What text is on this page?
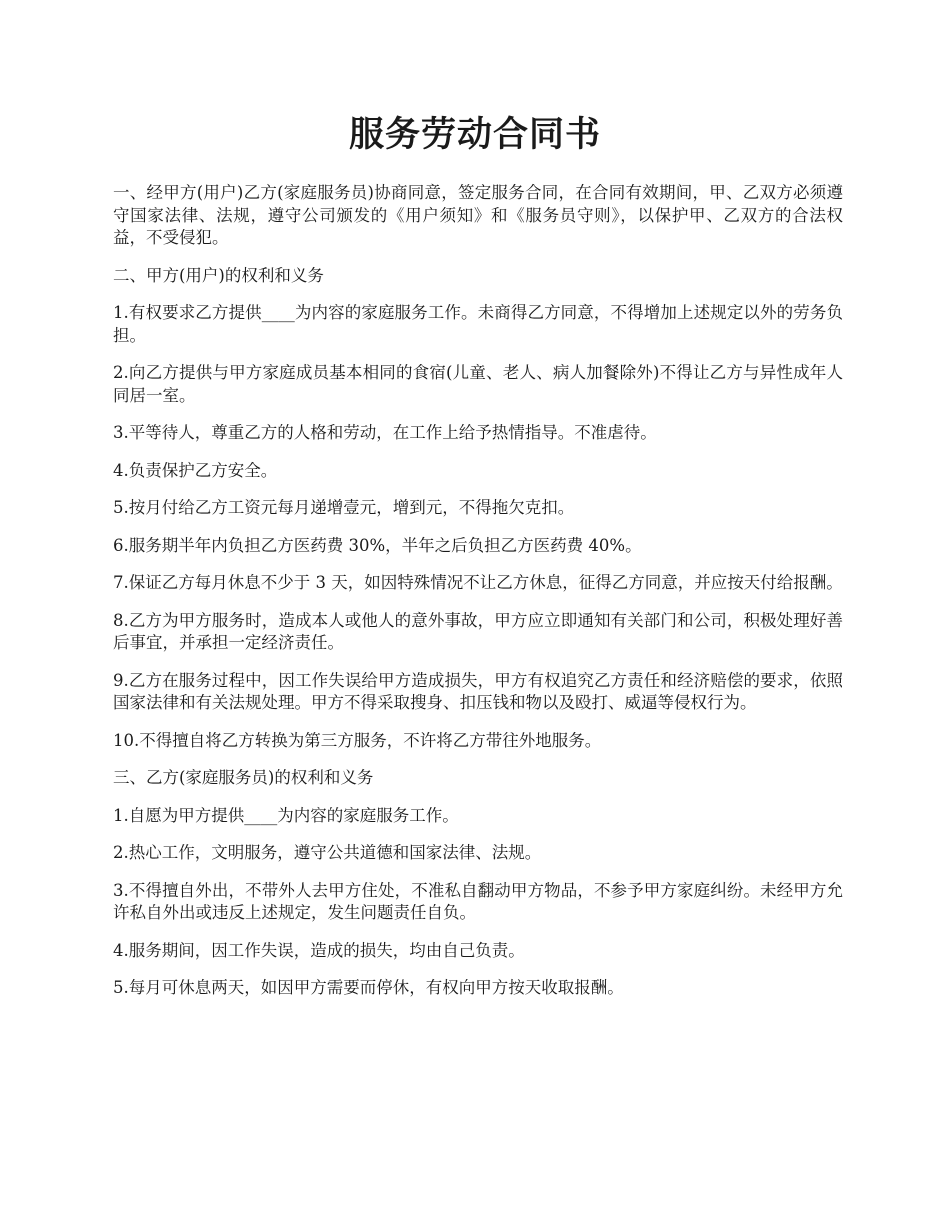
服务劳动合同书

一、经甲方(用户)乙方(家庭服务员)协商同意，签定服务合同，在合同有效期间，甲、乙双方必须遵守国家法律、法规，遵守公司颁发的《用户须知》和《服务员守则》，以保护甲、乙双方的合法权益，不受侵犯。

二、甲方(用户)的权利和义务

1.有权要求乙方提供____为内容的家庭服务工作。未商得乙方同意，不得增加上述规定以外的劳务负担。

2.向乙方提供与甲方家庭成员基本相同的食宿(儿童、老人、病人加餐除外)不得让乙方与异性成年人同居一室。

3.平等待人，尊重乙方的人格和劳动，在工作上给予热情指导。不准虐待。

4.负责保护乙方安全。

5.按月付给乙方工资元每月递增壹元，增到元，不得拖欠克扣。

6.服务期半年内负担乙方医药费 30%，半年之后负担乙方医药费 40%。

7.保证乙方每月休息不少于 3 天，如因特殊情况不让乙方休息，征得乙方同意，并应按天付给报酬。

8.乙方为甲方服务时，造成本人或他人的意外事故，甲方应立即通知有关部门和公司，积极处理好善后事宜，并承担一定经济责任。

9.乙方在服务过程中，因工作失误给甲方造成损失，甲方有权追究乙方责任和经济赔偿的要求，依照国家法律和有关法规处理。甲方不得采取搜身、扣压钱和物以及殴打、威逼等侵权行为。

10.不得擅自将乙方转换为第三方服务，不许将乙方带往外地服务。

三、乙方(家庭服务员)的权利和义务

1.自愿为甲方提供____为内容的家庭服务工作。

2.热心工作，文明服务，遵守公共道德和国家法律、法规。

3.不得擅自外出，不带外人去甲方住处，不准私自翻动甲方物品，不参予甲方家庭纠纷。未经甲方允许私自外出或违反上述规定，发生问题责任自负。

4.服务期间，因工作失误，造成的损失，均由自己负责。

5.每月可休息两天，如因甲方需要而停休，有权向甲方按天收取报酬。
